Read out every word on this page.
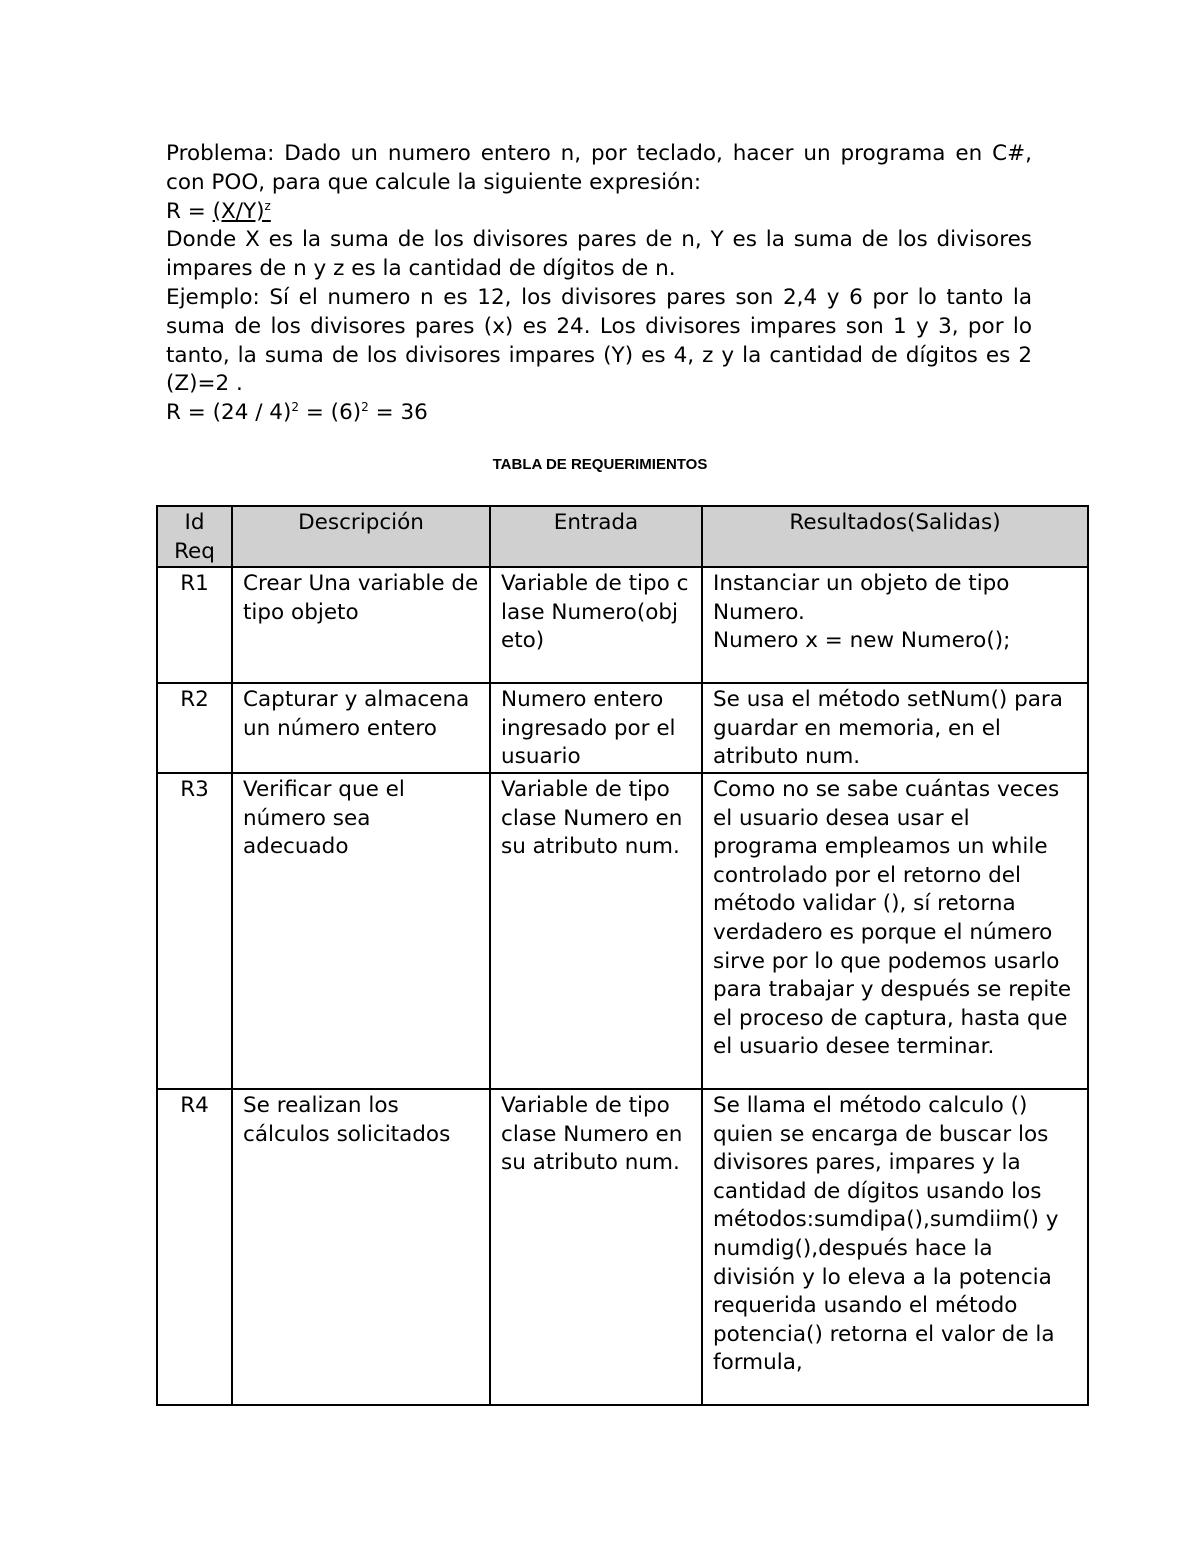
Problema: Dado un numero entero n, por teclado, hacer un programa en C#, con POO, para que calcule la siguiente expresión:

$R = (X/Y)^z$

Donde X es la suma de los divisores pares de n, Y es la suma de los divisores impares de n y z es la cantidad de dígitos de n.

Ejemplo: Sí el numero n es 12, los divisores pares son 2,4 y 6 por lo tanto la suma de los divisores pares (x) es 24. Los divisores impares son 1 y 3, por lo tanto, la suma de los divisores impares (Y) es 4, z y la cantidad de dígitos es 2 (Z)=2 .

$R = (24 / 4)^2 = (6)^2 = 36$

TABLA DE REQUERIMIENTOS
Id Req	Descripción	Entrada	Resultados(Salidas)
R1	Crear Una variable de tipo objeto	Variable de tipo clase Numero(objeto)	Instanciar un objeto de tipo Numero.
Numero x = new Numero();
R2	Capturar y almacena un número entero	Numero entero ingresado por el usuario	Se usa el método setNum() para guardar en memoria, en el atributo num.
R3	Verificar que el número sea adecuado	Variable de tipo clase Numero en su atributo num.	Como no se sabe cuántas veces el usuario desea usar el programa empleamos un while controlado por el retorno del método validar (), sí retorna verdadero es porque el número sirve por lo que podemos usarlo para trabajar y después se repite el proceso de captura, hasta que el usuario desee terminar.
R4	Se realizan los cálculos solicitados	Variable de tipo clase Numero en su atributo num.	Se llama el método calculo () quien se encarga de buscar los divisores pares, impares y la cantidad de dígitos usando los métodos:sumdipa(),sumdiim() y numdig(),después hace la división y lo eleva a la potencia requerida usando el método potencia() retorna el valor de la formula,
